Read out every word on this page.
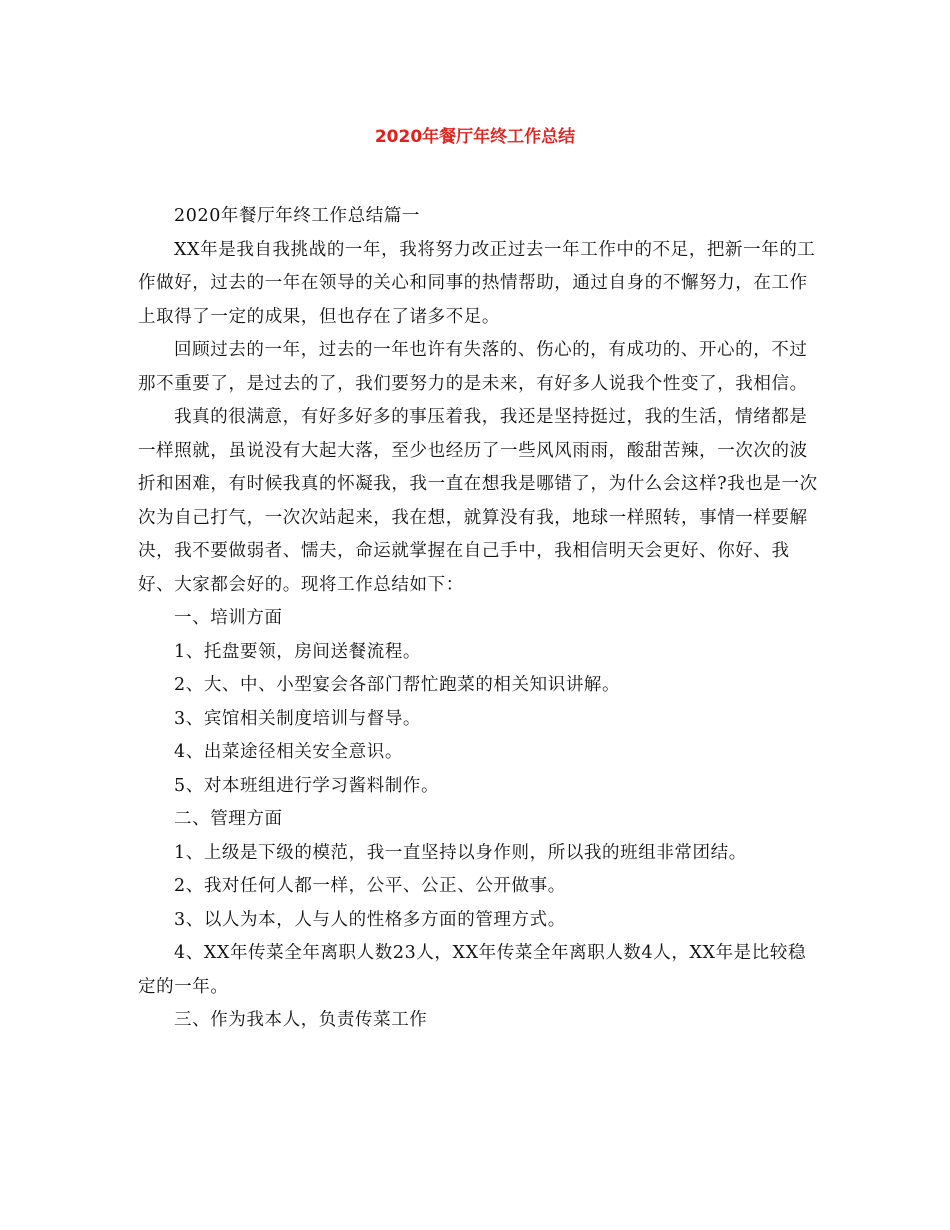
2020年餐厅年终工作总结

2020年餐厅年终工作总结篇一

XX年是我自我挑战的一年，我将努力改正过去一年工作中的不足，把新一年的工作做好，过去的一年在领导的关心和同事的热情帮助，通过自身的不懈努力，在工作上取得了一定的成果，但也存在了诸多不足。

回顾过去的一年，过去的一年也许有失落的、伤心的，有成功的、开心的，不过那不重要了，是过去的了，我们要努力的是未来，有好多人说我个性变了，我相信。

我真的很满意，有好多好多的事压着我，我还是坚持挺过，我的生活，情绪都是一样照就，虽说没有大起大落，至少也经历了一些风风雨雨，酸甜苦辣，一次次的波折和困难，有时候我真的怀凝我，我一直在想我是哪错了，为什么会这样?我也是一次次为自己打气，一次次站起来，我在想，就算没有我，地球一样照转，事情一样要解决，我不要做弱者、懦夫，命运就掌握在自己手中，我相信明天会更好、你好、我好、大家都会好的。现将工作总结如下：

一、培训方面

1、托盘要领，房间送餐流程。

2、大、中、小型宴会各部门帮忙跑菜的相关知识讲解。

3、宾馆相关制度培训与督导。

4、出菜途径相关安全意识。

5、对本班组进行学习酱料制作。

二、管理方面

1、上级是下级的模范，我一直坚持以身作则，所以我的班组非常团结。

2、我对任何人都一样，公平、公正、公开做事。

3、以人为本，人与人的性格多方面的管理方式。

4、XX年传菜全年离职人数23人，XX年传菜全年离职人数4人，XX年是比较稳定的一年。

三、作为我本人，负责传菜工作
